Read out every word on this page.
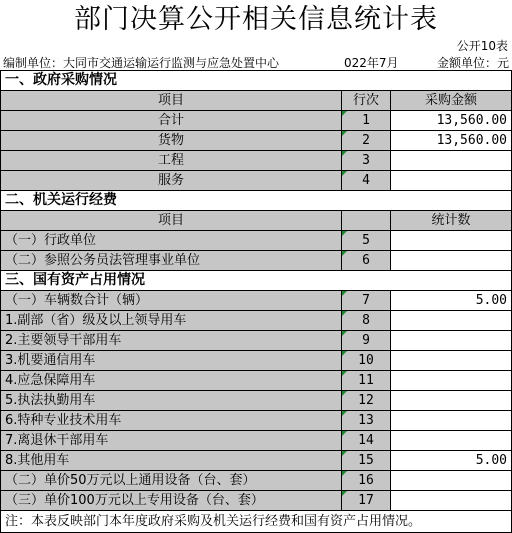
部门决算公开相关信息统计表
公开10表
编制单位：大同市交通运输运行监测与应急处置中心	022年7月	金额单位：元
一、政府采购情况		
项目	行次	采购金额
合计	1	13,560.00
货物	2	13,560.00
工程	3	
服务	4	
二、机关运行经费		
项目		统计数
（一）行政单位	5	
（二）参照公务员法管理事业单位	6	
三、国有资产占用情况		
（一）车辆数合计（辆）	7	5.00
1.副部（省）级及以上领导用车	8	
2.主要领导干部用车	9	
3.机要通信用车	10	
4.应急保障用车	11	
5.执法执勤用车	12	
6.特种专业技术用车	13	
7.离退休干部用车	14	
8.其他用车	15	5.00
（二）单价50万元以上通用设备（台、套）	16	
（三）单价100万元以上专用设备（台、套）	17	
注：本表反映部门本年度政府采购及机关运行经费和国有资产占用情况。		
